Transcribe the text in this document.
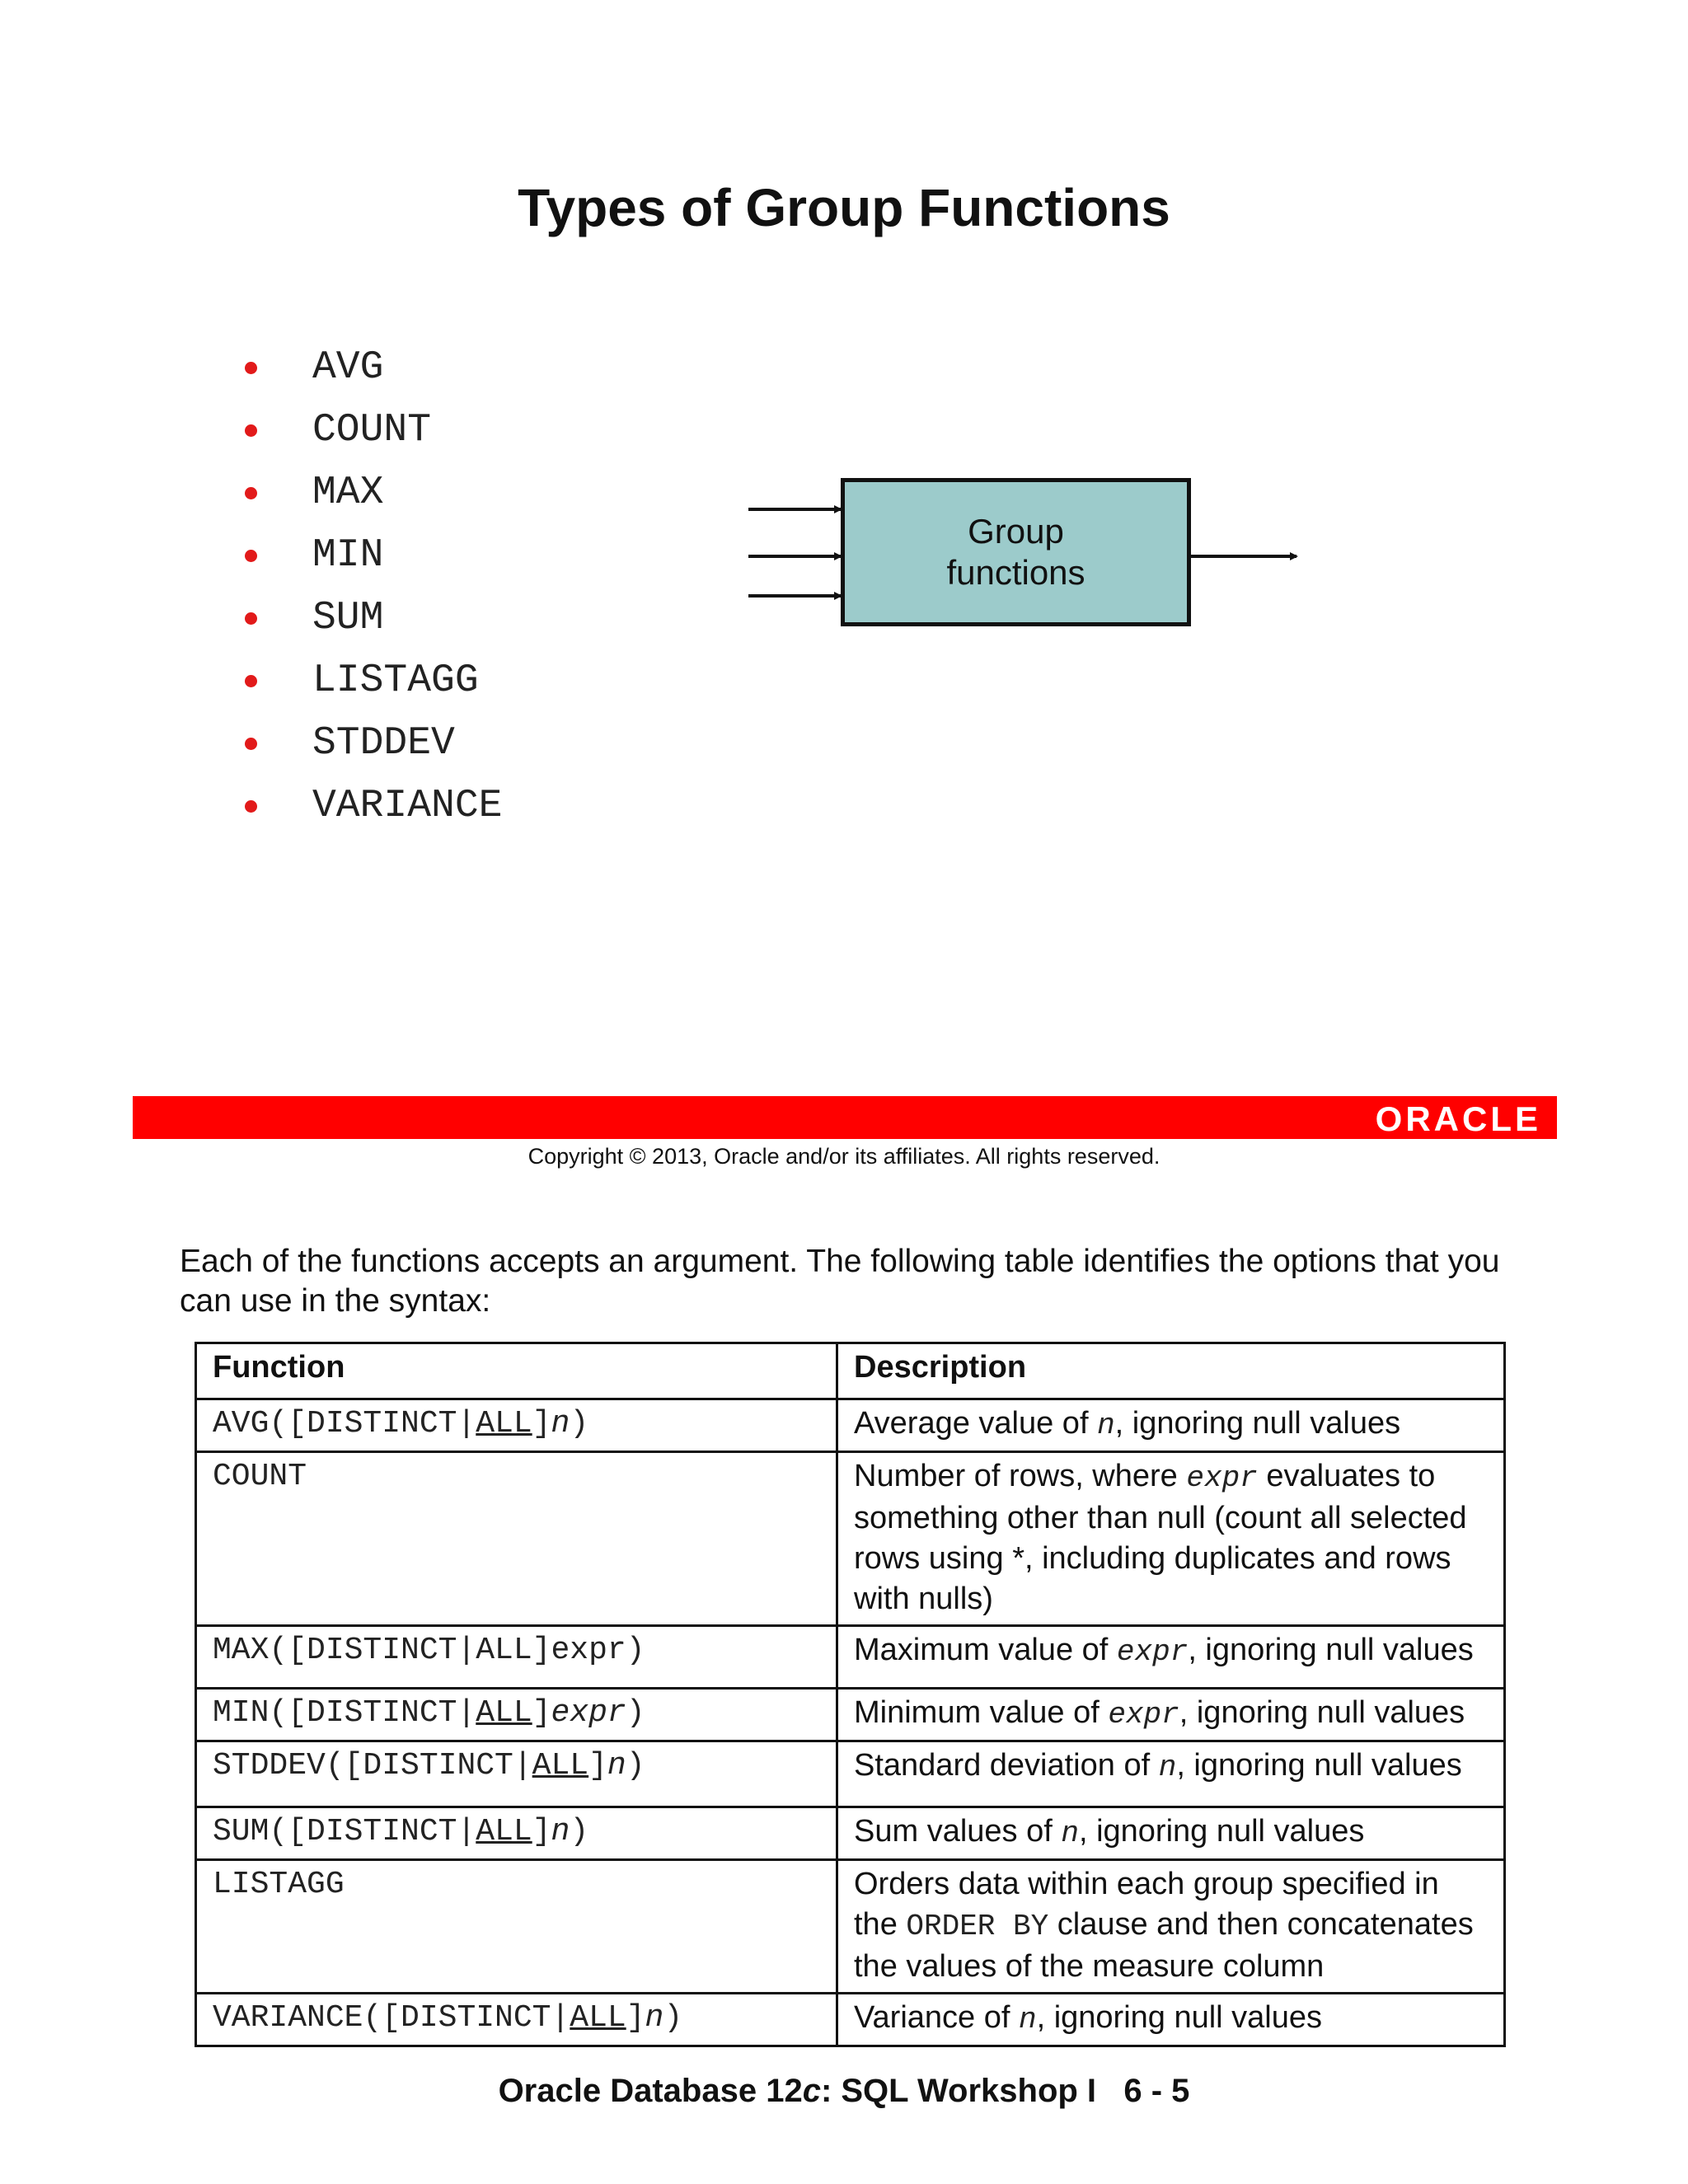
Types of Group Functions
AVG
COUNT
MAX
MIN
SUM
LISTAGG
STDDEV
VARIANCE
Group
functions
ORACLE
Copyright © 2013, Oracle and/or its affiliates. All rights reserved.
Each of the functions accepts an argument. The following table identifies the options that you can use in the syntax:
Function	Description
AVG([DISTINCT|ALL]n)	Average value of n, ignoring null values
COUNT	Number of rows, where expr evaluates to something other than null (count all selected rows using *, including duplicates and rows with nulls)
MAX([DISTINCT|ALL]expr)	Maximum value of expr, ignoring null values
MIN([DISTINCT|ALL]expr)	Minimum value of expr, ignoring null values
STDDEV([DISTINCT|ALL]n)	Standard deviation of n, ignoring null values
SUM([DISTINCT|ALL]n)	Sum values of n, ignoring null values
LISTAGG	Orders data within each group specified in the ORDER BY clause and then concatenates the values of the measure column
VARIANCE([DISTINCT|ALL]n)	Variance of n, ignoring null values
Oracle Database 12c: SQL Workshop I   6 - 5
